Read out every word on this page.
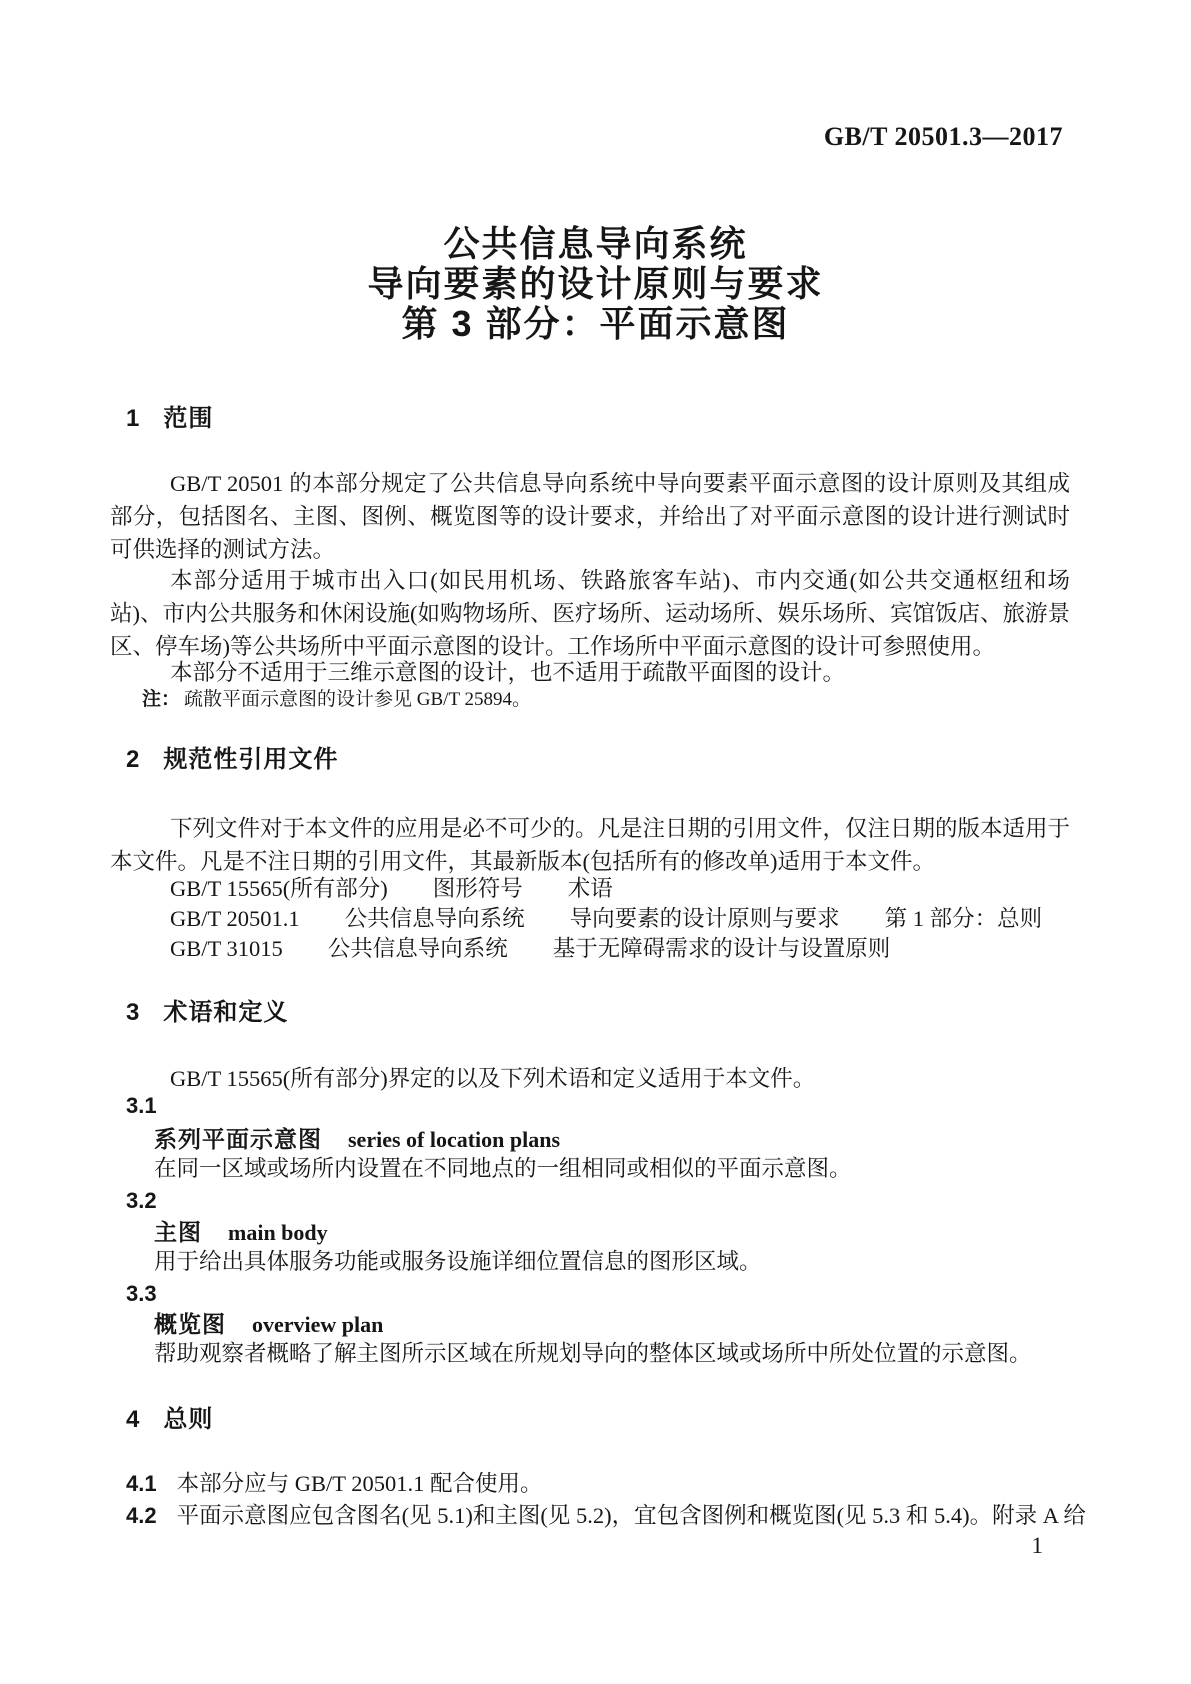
GB/T 20501.3—2017
公共信息导向系统
导向要素的设计原则与要求
第 3 部分：平面示意图
1 范围
GB/T 20501 的本部分规定了公共信息导向系统中导向要素平面示意图的设计原则及其组成部分，包括图名、主图、图例、概览图等的设计要求，并给出了对平面示意图的设计进行测试时可供选择的测试方法。
本部分适用于城市出入口(如民用机场、铁路旅客车站)、市内交通(如公共交通枢纽和场站)、市内公共服务和休闲设施(如购物场所、医疗场所、运动场所、娱乐场所、宾馆饭店、旅游景区、停车场)等公共场所中平面示意图的设计。工作场所中平面示意图的设计可参照使用。
本部分不适用于三维示意图的设计，也不适用于疏散平面图的设计。
注： 疏散平面示意图的设计参见 GB/T 25894。
2 规范性引用文件
下列文件对于本文件的应用是必不可少的。凡是注日期的引用文件，仅注日期的版本适用于本文件。凡是不注日期的引用文件，其最新版本(包括所有的修改单)适用于本文件。
GB/T 15565(所有部分)　　图形符号　　术语
GB/T 20501.1　　公共信息导向系统　　导向要素的设计原则与要求　　第 1 部分：总则
GB/T 31015　　公共信息导向系统　　基于无障碍需求的设计与设置原则
3 术语和定义
GB/T 15565(所有部分)界定的以及下列术语和定义适用于本文件。
3.1
系列平面示意图 series of location plans
在同一区域或场所内设置在不同地点的一组相同或相似的平面示意图。
3.2
主图 main body
用于给出具体服务功能或服务设施详细位置信息的图形区域。
3.3
概览图 overview plan
帮助观察者概略了解主图所示区域在所规划导向的整体区域或场所中所处位置的示意图。
4 总则
4.1 本部分应与 GB/T 20501.1 配合使用。
4.2 平面示意图应包含图名(见 5.1)和主图(见 5.2)，宜包含图例和概览图(见 5.3 和 5.4)。附录 A 给
1
